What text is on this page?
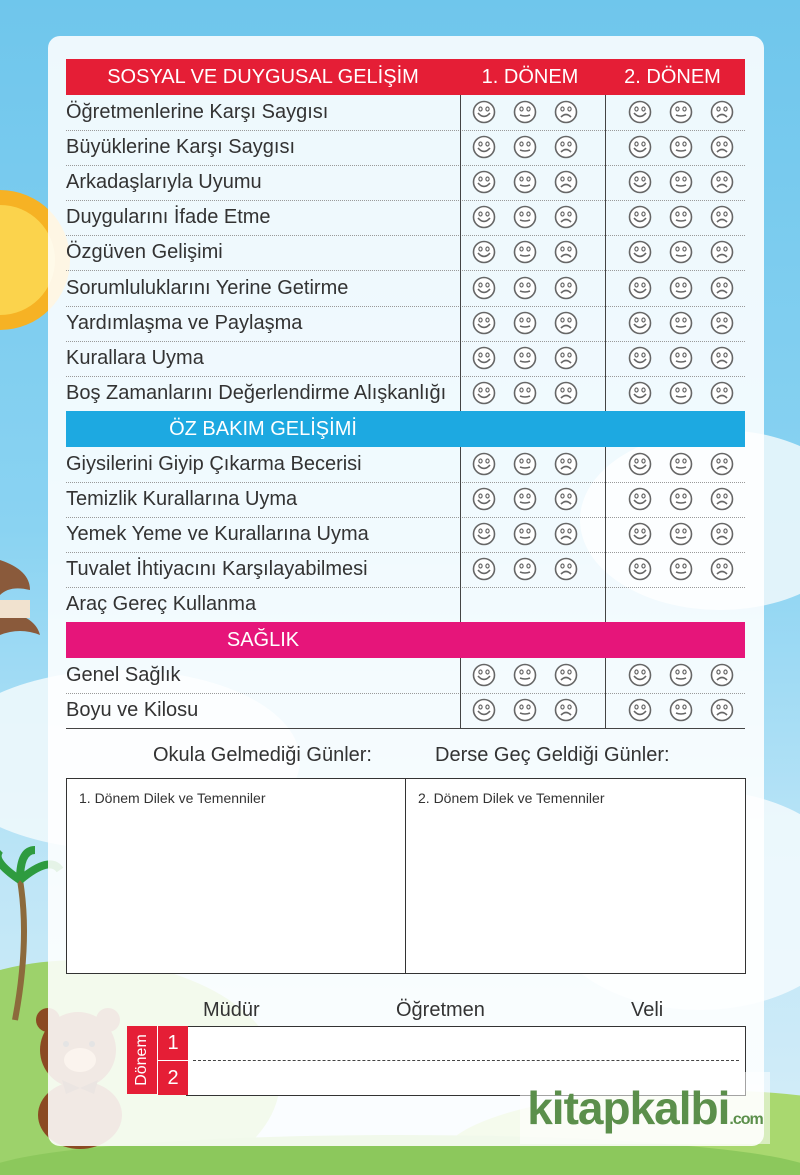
SOSYAL VE DUYGUSAL GELİŞİM	1. DÖNEM	2. DÖNEM
Öğretmenlerine Karşı Saygısı
Büyüklerine Karşı Saygısı
Arkadaşlarıyla Uyumu
Duygularını İfade Etme
Özgüven Gelişimi
Sorumluluklarını Yerine Getirme
Yardımlaşma ve Paylaşma
Kurallara Uyma
Boş Zamanlarını Değerlendirme Alışkanlığı
ÖZ BAKIM GELİŞİMİ
Giysilerini Giyip Çıkarma Becerisi
Temizlik Kurallarına Uyma
Yemek Yeme ve Kurallarına Uyma
Tuvalet İhtiyacını Karşılayabilmesi
Araç Gereç Kullanma
SAĞLIK
Genel Sağlık
Boyu ve Kilosu
Okula Gelmediği Günler:	Derse Geç Geldiği Günler:
1. Dönem Dilek ve Temenniler	2. Dönem Dilek ve Temenniler
Müdür	Öğretmen	Veli
Dönem 1
2
kitapkalbi.com
